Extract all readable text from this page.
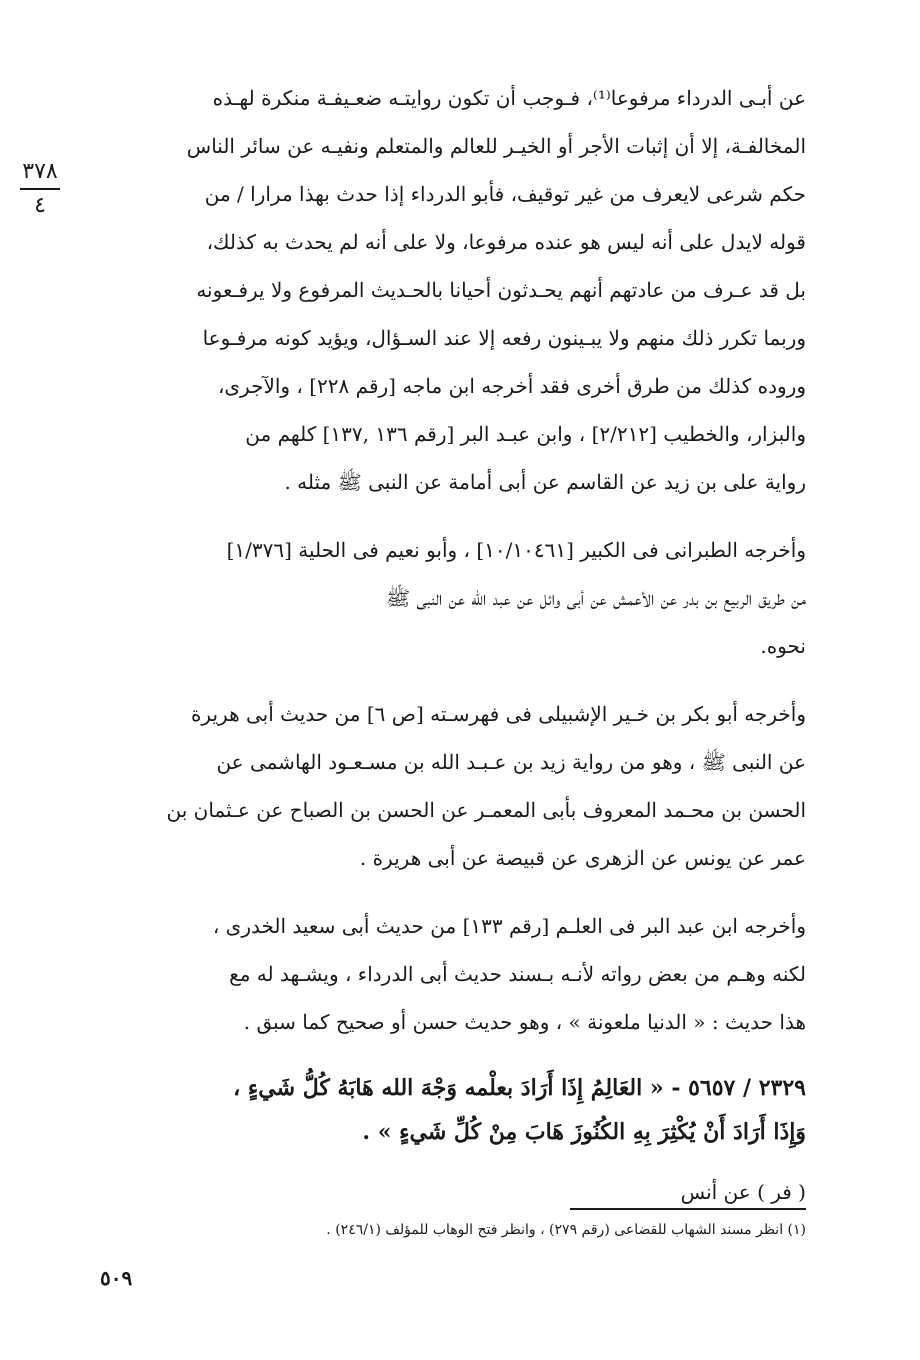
٣٧٨
٤
عن أبـى الدرداء مرفوعا⁽¹⁾، فـوجب أن تكون روايتـه ضعـيفـة منكرة لهـذه
المخالفـة، إلا أن إثبات الأجر أو الخيـر للعالم والمتعلم ونفيـه عن سائر الناس
حكم شرعى لايعرف من غير توقيف، فأبو الدرداء إذا حدث بهذا مرارا / من
قوله لايدل على أنه ليس هو عنده مرفوعا، ولا على أنه لم يحدث به كذلك،
بل قد عـرف من عادتهم أنهم يحـدثون أحيانا بالحـديث المرفوع ولا يرفـعونه
وربما تكرر ذلك منهم ولا يبـينون رفعه إلا عند السـؤال، ويؤيد كونه مرفـوعا
وروده كذلك من طرق أخرى فقد أخرجه ابن ماجه [رقم ٢٢٨] ، والآجرى،
والبزار، والخطيب [٢/٢١٢] ، وابن عبـد البر [رقم ١٣٦ ,١٣٧] كلهم من
رواية على بن زيد عن القاسم عن أبى أمامة عن النبى ﷺ مثله .
وأخرجه الطبرانى فى الكبير [١٠/١٠٤٦١] ، وأبو نعيم فى الحلية [١/٣٧٦]
من طريق الربيع بن بدر عن الأعمش عن أبى وائل عن عبد الله عن النبى ﷺ
نحوه.
وأخرجه أبو بكر بن خـير الإشبيلى فى فهرسـته [ص ٦] من حديث أبى هريرة
عن النبى ﷺ ، وهو من رواية زيد بن عـبـد الله بن مسـعـود الهاشمى عن
الحسن بن محـمد المعروف بأبى المعمـر عن الحسن بن الصباح عن عـثمان بن
عمر عن يونس عن الزهرى عن قبيصة عن أبى هريرة .
وأخرجه ابن عبد البر فى العلـم [رقم ١٣٣] من حديث أبى سعيد الخدرى ،
لكنه وهـم من بعض رواته لأنـه بـسند حديث أبى الدرداء ، ويشـهد له مع
هذا حديث : « الدنيا ملعونة » ، وهو حديث حسن أو صحيح كما سبق .
٢٣٢٩ / ٥٦٥٧ - « العَالِمُ إِذَا أَرَادَ بعلْمه وَجْهَ الله هَابَهُ كُلُّ شَيءٍ ،
وَإِذَا أَرَادَ أَنْ يُكْثِرَ بِهِ الكُنُوزَ هَابَ مِنْ كُلِّ شَيءٍ » .
( فر ) عن أنس
(١) انظر مسند الشهاب للقضاعى (رقم ٢٧٩) ، وانظر فتح الوهاب للمؤلف (٢٤٦/١) .
٥٠٩
